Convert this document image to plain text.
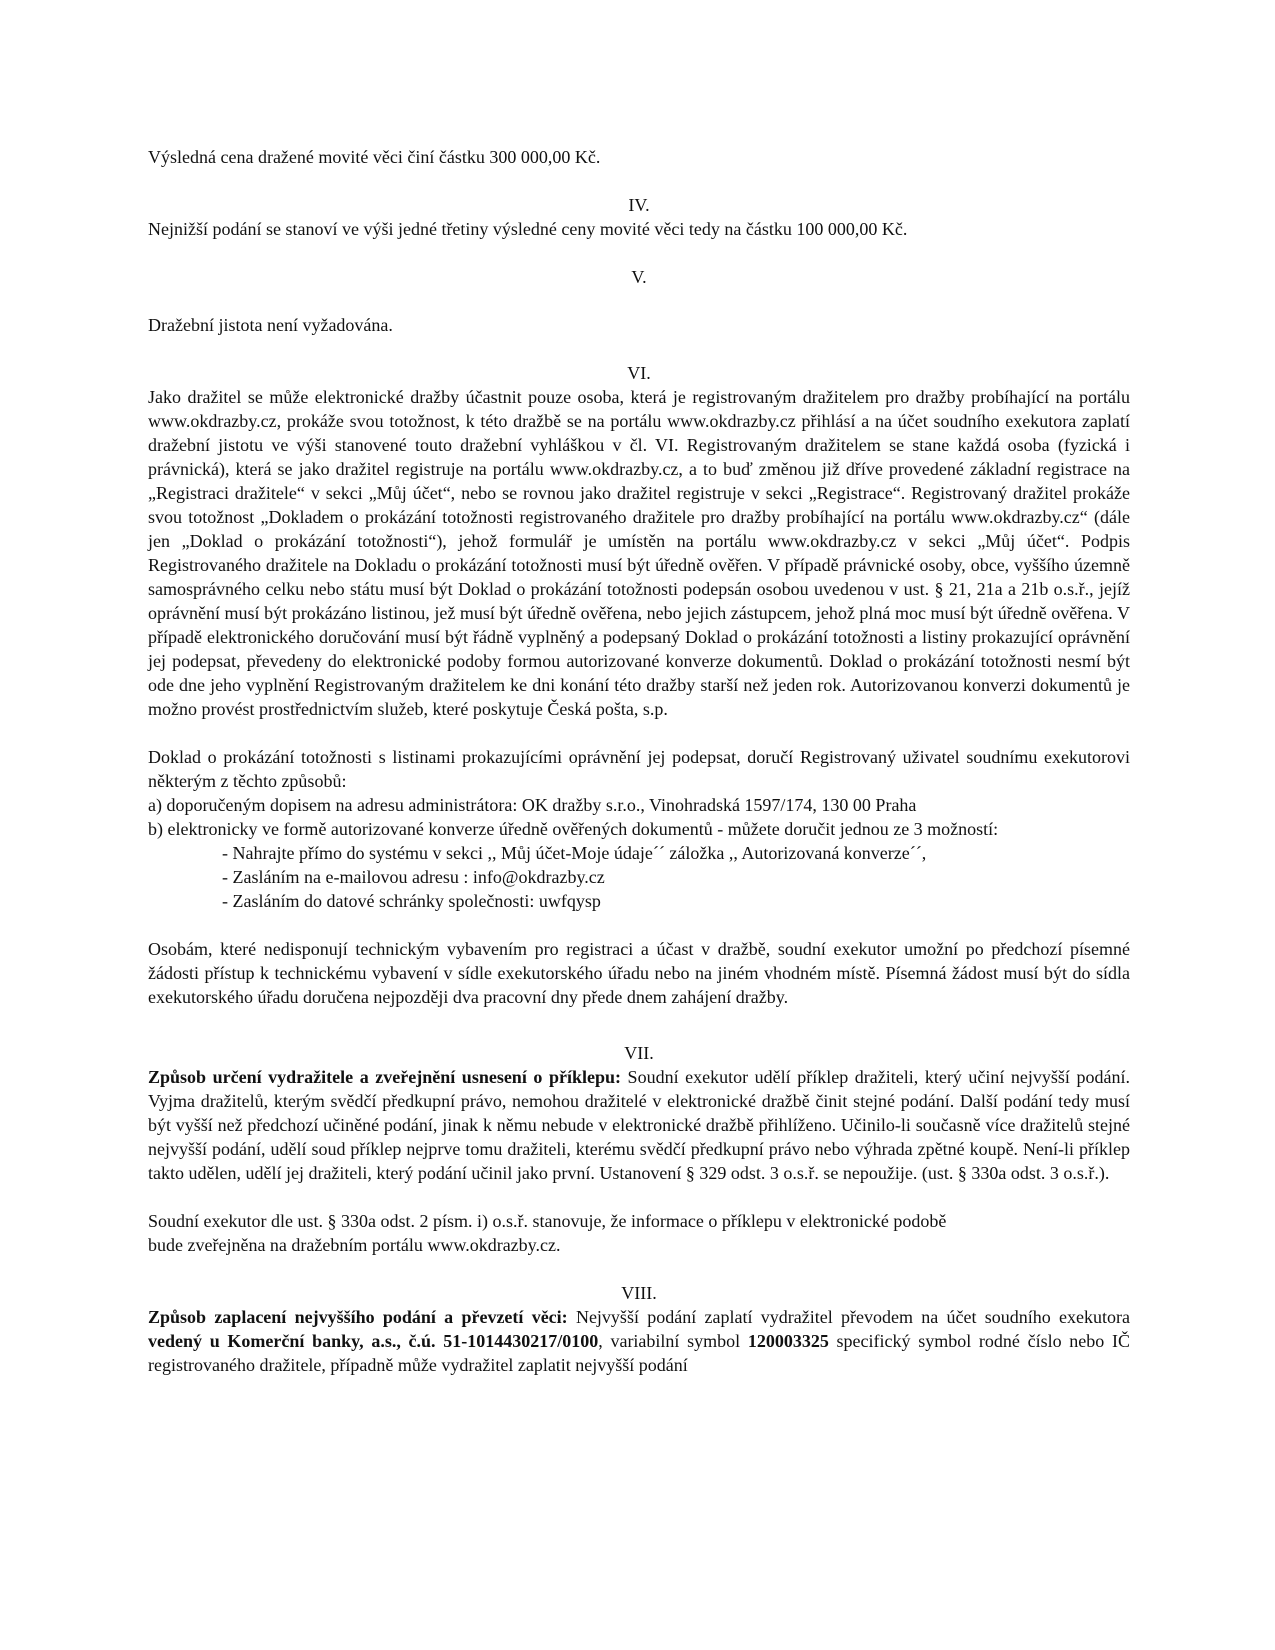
Výsledná cena dražené movité věci činí částku 300 000,00 Kč.

IV.

Nejnižší podání se stanoví ve výši jedné třetiny výsledné ceny movité věci tedy na částku 100 000,00 Kč.

V.

Dražební jistota není vyžadována.

VI.

Jako dražitel se může elektronické dražby účastnit pouze osoba, která je registrovaným dražitelem pro dražby probíhající na portálu www.okdrazby.cz, prokáže svou totožnost, k této dražbě se na portálu www.okdrazby.cz přihlásí a na účet soudního exekutora zaplatí dražební jistotu ve výši stanovené touto dražební vyhláškou v čl. VI. Registrovaným dražitelem se stane každá osoba (fyzická i právnická), která se jako dražitel registruje na portálu www.okdrazby.cz, a to buď změnou již dříve provedené základní registrace na „Registraci dražitele“ v sekci „Můj účet“, nebo se rovnou jako dražitel registruje v sekci „Registrace“. Registrovaný dražitel prokáže svou totožnost „Dokladem o prokázání totožnosti registrovaného dražitele pro dražby probíhající na portálu www.okdrazby.cz“ (dále jen „Doklad o prokázání totožnosti“), jehož formulář je umístěn na portálu www.okdrazby.cz v sekci „Můj účet“. Podpis Registrovaného dražitele na Dokladu o prokázání totožnosti musí být úředně ověřen. V případě právnické osoby, obce, vyššího územně samosprávného celku nebo státu musí být Doklad o prokázání totožnosti podepsán osobou uvedenou v ust. § 21, 21a a 21b o.s.ř., jejíž oprávnění musí být prokázáno listinou, jež musí být úředně ověřena, nebo jejich zástupcem, jehož plná moc musí být úředně ověřena. V případě elektronického doručování musí být řádně vyplněný a podepsaný Doklad o prokázání totožnosti a listiny prokazující oprávnění jej podepsat, převedeny do elektronické podoby formou autorizované konverze dokumentů. Doklad o prokázání totožnosti nesmí být ode dne jeho vyplnění Registrovaným dražitelem ke dni konání této dražby starší než jeden rok. Autorizovanou konverzi dokumentů je možno provést prostřednictvím služeb, které poskytuje Česká pošta, s.p.

Doklad o prokázání totožnosti s listinami prokazujícími oprávnění jej podepsat, doručí Registrovaný uživatel soudnímu exekutorovi některým z těchto způsobů:

a) doporučeným dopisem na adresu administrátora: OK dražby s.r.o., Vinohradská 1597/174, 130 00 Praha

b) elektronicky ve formě autorizované konverze úředně ověřených dokumentů - můžete doručit jednou ze 3 možností:

- Nahrajte přímo do systému v sekci ,, Můj účet-Moje údaje´´ záložka ,, Autorizovaná konverze´´,

- Zasláním na e-mailovou adresu : info@okdrazby.cz

- Zasláním do datové schránky společnosti: uwfqysp

Osobám, které nedisponují technickým vybavením pro registraci a účast v dražbě, soudní exekutor umožní po předchozí písemné žádosti přístup k technickému vybavení v sídle exekutorského úřadu nebo na jiném vhodném místě. Písemná žádost musí být do sídla exekutorského úřadu doručena nejpozději dva pracovní dny přede dnem zahájení dražby.

VII.

Způsob určení vydražitele a zveřejnění usnesení o příklepu: Soudní exekutor udělí příklep dražiteli, který učiní nejvyšší podání. Vyjma dražitelů, kterým svědčí předkupní právo, nemohou dražitelé v elektronické dražbě činit stejné podání. Další podání tedy musí být vyšší než předchozí učiněné podání, jinak k němu nebude v elektronické dražbě přihlíženo. Učinilo-li současně více dražitelů stejné nejvyšší podání, udělí soud příklep nejprve tomu dražiteli, kterému svědčí předkupní právo nebo výhrada zpětné koupě. Není-li příklep takto udělen, udělí jej dražiteli, který podání učinil jako první. Ustanovení § 329 odst. 3 o.s.ř. se nepoužije. (ust. § 330a odst. 3 o.s.ř.).

Soudní exekutor dle ust. § 330a odst. 2 písm. i) o.s.ř. stanovuje, že informace o příklepu v elektronické podobě

bude zveřejněna na dražebním portálu www.okdrazby.cz.

VIII.

Způsob zaplacení nejvyššího podání a převzetí věci: Nejvyšší podání zaplatí vydražitel převodem na účet soudního exekutora vedený u Komerční banky, a.s., č.ú. 51-1014430217/0100, variabilní symbol 120003325 specifický symbol rodné číslo nebo IČ registrovaného dražitele, případně může vydražitel zaplatit nejvyšší podání
